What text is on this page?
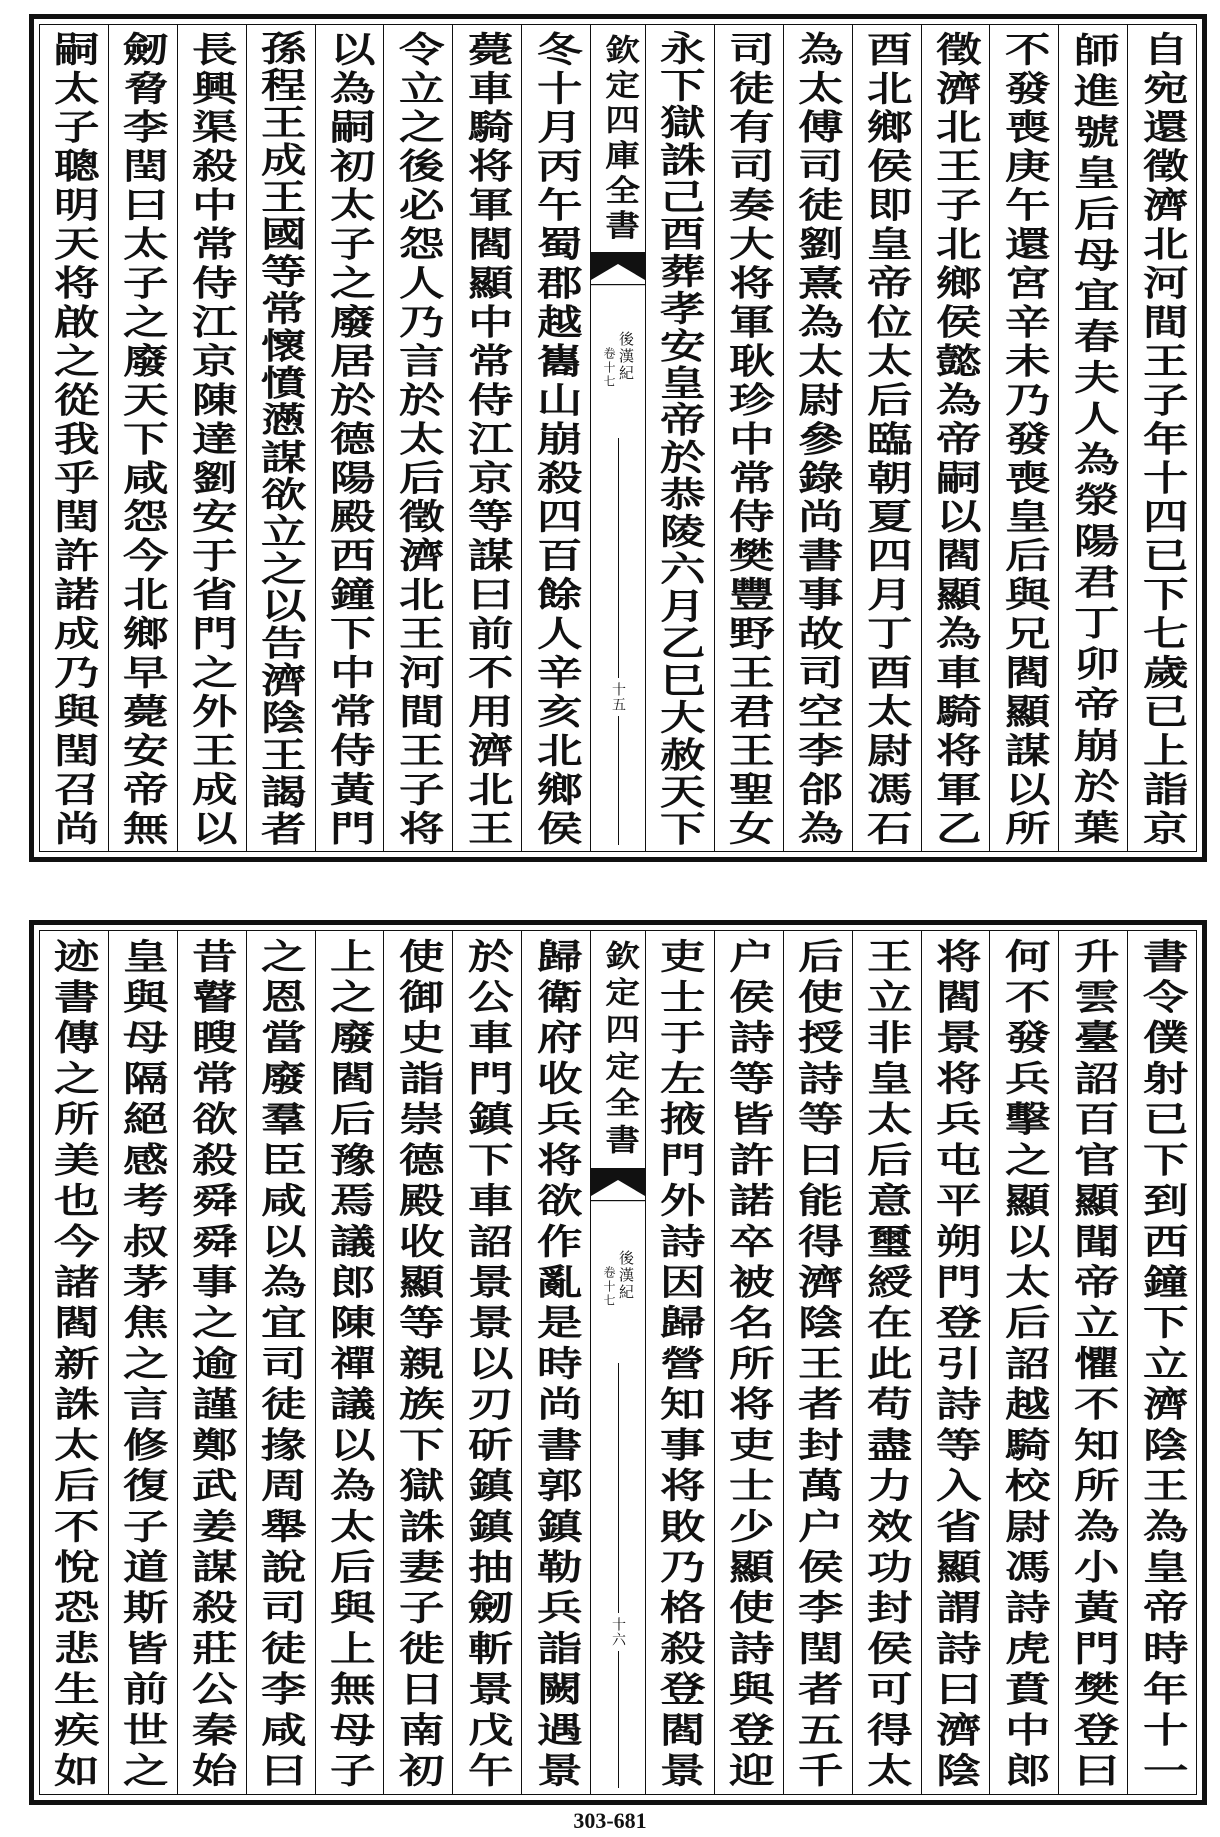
自宛還徵濟北河間王子年十四已下七歲已上詣京
師進號皇后母宜春夫人為滎陽君丁卯帝崩於葉
不發喪庚午還宮辛未乃發喪皇后與兄閻顯謀以所
徵濟北王子北鄉侯懿為帝嗣以閻顯為車騎将軍乙
酉北鄉侯即皇帝位太后臨朝夏四月丁酉太尉馮石
為太傅司徒劉熹為太尉參錄尚書事故司空李郃為
司徒有司奏大将軍耿珍中常侍樊豐野王君王聖女
永下獄誅己酉葬孝安皇帝於恭陵六月乙巳大赦天下
欽定四庫全書
後漢紀
卷十七
十五
冬十月丙午蜀郡越巂山崩殺四百餘人辛亥北鄉侯
薨車騎将軍閻顯中常侍江京等謀曰前不用濟北王
令立之後必怨人乃言於太后徵濟北王河間王子将
以為嗣初太子之廢居於德陽殿西鐘下中常侍黃門
孫程王成王國等常懷憤懣謀欲立之以告濟陰王謁者
長興渠殺中常侍江京陳達劉安于省門之外王成以
劒脅李閏曰太子之廢天下咸怨今北鄉早薨安帝無
嗣太子聰明天将啟之從我乎閏許諾成乃與閏召尚
書令僕射已下到西鐘下立濟陰王為皇帝時年十一
升雲臺詔百官顯聞帝立懼不知所為小黃門樊登曰
何不發兵擊之顯以太后詔越騎校尉馮詩虎賁中郎
将閻景将兵屯平朔門登引詩等入省顯謂詩曰濟陰
王立非皇太后意璽綬在此苟盡力效功封侯可得太
后使授詩等曰能得濟陰王者封萬户侯李閏者五千
户侯詩等皆許諾卒被名所将吏士少顯使詩與登迎
吏士于左掖門外詩因歸營知事将敗乃格殺登閻景
欽定四定全書
後漢紀
卷十七
十六
歸衛府收兵将欲作亂是時尚書郭鎮勒兵詣闕遇景
於公車門鎮下車詔景景以刃斫鎮鎮抽劒斬景戊午
使御史詣崇德殿收顯等親族下獄誅妻子徙日南初
上之廢閻后豫焉議郎陳禪議以為太后與上無母子
之恩當廢羣臣咸以為宜司徒掾周舉說司徒李咸曰
昔瞽瞍常欲殺舜舜事之逾謹鄭武姜謀殺莊公秦始
皇與母隔絕感考叔茅焦之言修復子道斯皆前世之
迹書傳之所美也今諸閻新誅太后不悅恐悲生疾如
303-681
